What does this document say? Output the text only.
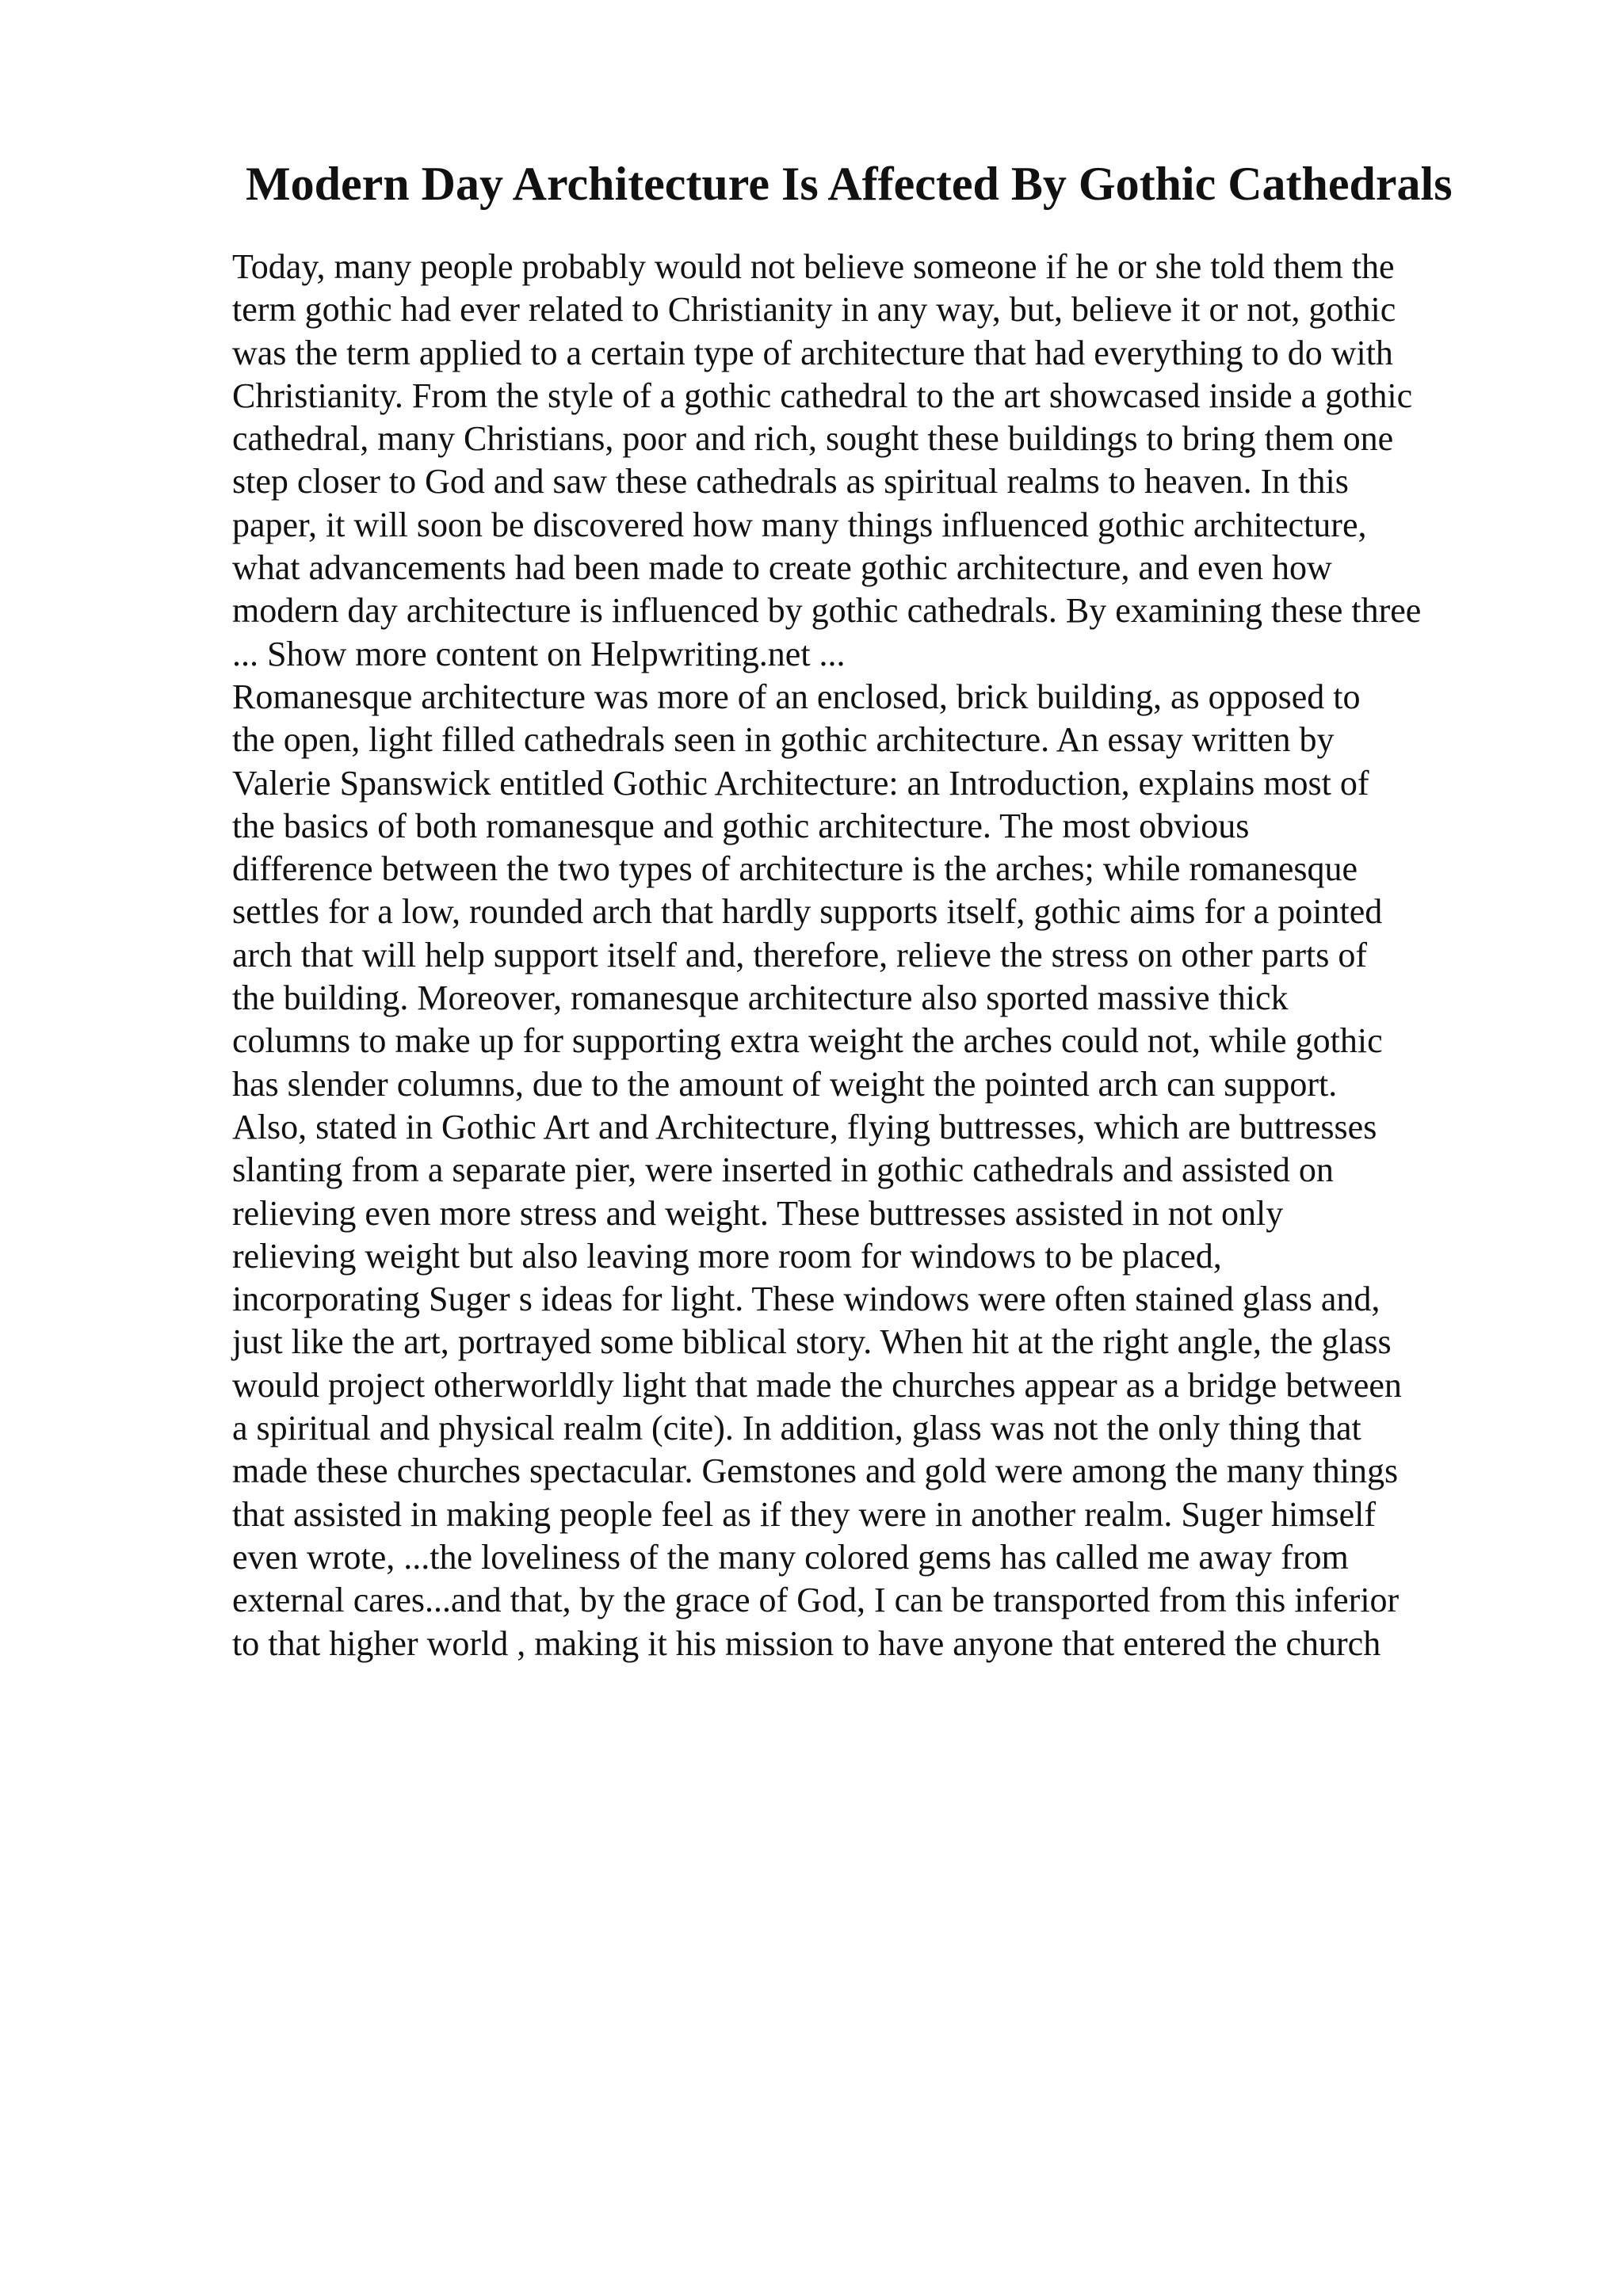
Modern Day Architecture Is Affected By Gothic Cathedrals
Today, many people probably would not believe someone if he or she told them the
term gothic had ever related to Christianity in any way, but, believe it or not, gothic
was the term applied to a certain type of architecture that had everything to do with
Christianity. From the style of a gothic cathedral to the art showcased inside a gothic
cathedral, many Christians, poor and rich, sought these buildings to bring them one
step closer to God and saw these cathedrals as spiritual realms to heaven. In this
paper, it will soon be discovered how many things influenced gothic architecture,
what advancements had been made to create gothic architecture, and even how
modern day architecture is influenced by gothic cathedrals. By examining these three
... Show more content on Helpwriting.net ...
Romanesque architecture was more of an enclosed, brick building, as opposed to
the open, light filled cathedrals seen in gothic architecture. An essay written by
Valerie Spanswick entitled Gothic Architecture: an Introduction, explains most of
the basics of both romanesque and gothic architecture. The most obvious
difference between the two types of architecture is the arches; while romanesque
settles for a low, rounded arch that hardly supports itself, gothic aims for a pointed
arch that will help support itself and, therefore, relieve the stress on other parts of
the building. Moreover, romanesque architecture also sported massive thick
columns to make up for supporting extra weight the arches could not, while gothic
has slender columns, due to the amount of weight the pointed arch can support.
Also, stated in Gothic Art and Architecture, flying buttresses, which are buttresses
slanting from a separate pier, were inserted in gothic cathedrals and assisted on
relieving even more stress and weight. These buttresses assisted in not only
relieving weight but also leaving more room for windows to be placed,
incorporating Suger s ideas for light. These windows were often stained glass and,
just like the art, portrayed some biblical story. When hit at the right angle, the glass
would project otherworldly light that made the churches appear as a bridge between
a spiritual and physical realm (cite). In addition, glass was not the only thing that
made these churches spectacular. Gemstones and gold were among the many things
that assisted in making people feel as if they were in another realm. Suger himself
even wrote, ...the loveliness of the many colored gems has called me away from
external cares...and that, by the grace of God, I can be transported from this inferior
to that higher world , making it his mission to have anyone that entered the church
